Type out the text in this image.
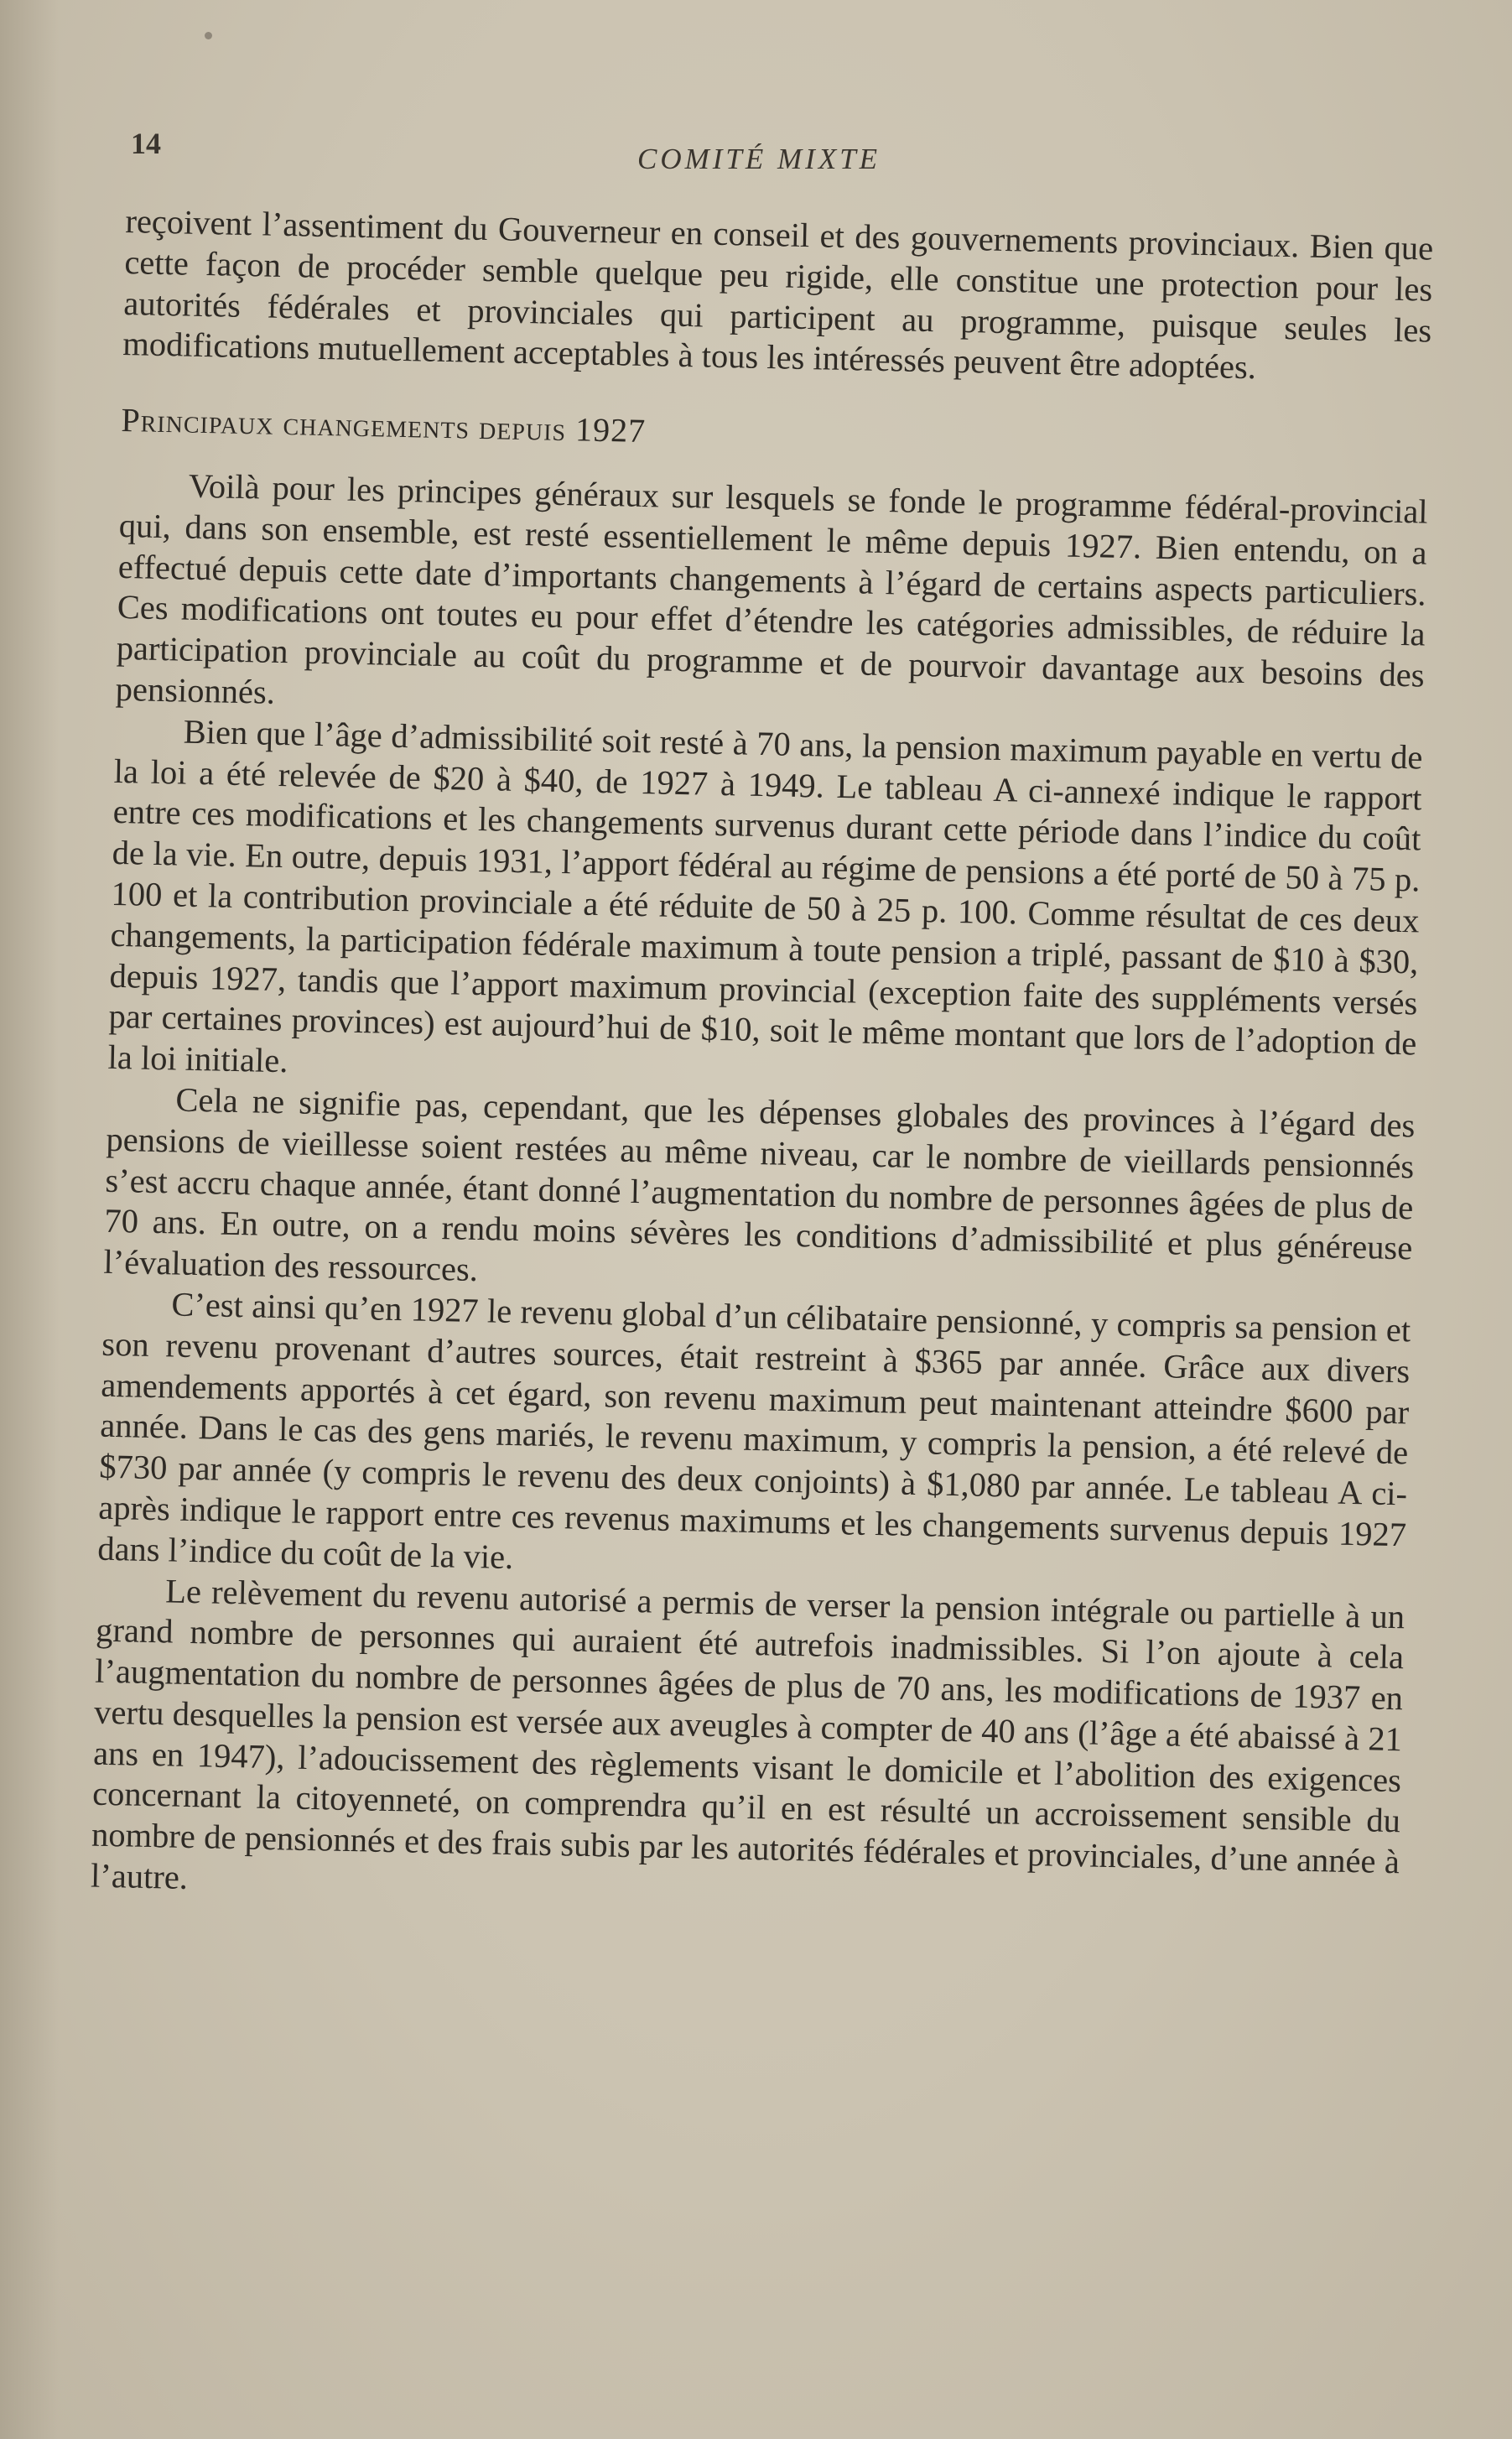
14	COMITÉ MIXTE

reçoivent l’assentiment du Gouverneur en conseil et des gouvernements provinciaux. Bien que cette façon de procéder semble quelque peu rigide, elle constitue une protection pour les autorités fédérales et provinciales qui participent au programme, puisque seules les modifications mutuellement acceptables à tous les intéressés peuvent être adoptées.

Principaux changements depuis 1927

Voilà pour les principes généraux sur lesquels se fonde le programme fédéral-provincial qui, dans son ensemble, est resté essentiellement le même depuis 1927. Bien entendu, on a effectué depuis cette date d’importants changements à l’égard de certains aspects particuliers. Ces modifications ont toutes eu pour effet d’étendre les catégories admissibles, de réduire la participation provinciale au coût du programme et de pourvoir davantage aux besoins des pensionnés.

Bien que l’âge d’admissibilité soit resté à 70 ans, la pension maximum payable en vertu de la loi a été relevée de $20 à $40, de 1927 à 1949. Le tableau A ci-annexé indique le rapport entre ces modifications et les changements survenus durant cette période dans l’indice du coût de la vie. En outre, depuis 1931, l’apport fédéral au régime de pensions a été porté de 50 à 75 p. 100 et la contribution provinciale a été réduite de 50 à 25 p. 100. Comme résultat de ces deux changements, la participation fédérale maximum à toute pension a triplé, passant de $10 à $30, depuis 1927, tandis que l’apport maximum provincial (exception faite des suppléments versés par certaines provinces) est aujourd’hui de $10, soit le même montant que lors de l’adoption de la loi initiale.

Cela ne signifie pas, cependant, que les dépenses globales des provinces à l’égard des pensions de vieillesse soient restées au même niveau, car le nombre de vieillards pensionnés s’est accru chaque année, étant donné l’augmentation du nombre de personnes âgées de plus de 70 ans. En outre, on a rendu moins sévères les conditions d’admissibilité et plus généreuse l’évaluation des ressources.

C’est ainsi qu’en 1927 le revenu global d’un célibataire pensionné, y compris sa pension et son revenu provenant d’autres sources, était restreint à $365 par année. Grâce aux divers amendements apportés à cet égard, son revenu maximum peut maintenant atteindre $600 par année. Dans le cas des gens mariés, le revenu maximum, y compris la pension, a été relevé de $730 par année (y compris le revenu des deux conjoints) à $1,080 par année. Le tableau A ci-après indique le rapport entre ces revenus maximums et les changements survenus depuis 1927 dans l’indice du coût de la vie.

Le relèvement du revenu autorisé a permis de verser la pension intégrale ou partielle à un grand nombre de personnes qui auraient été autrefois inadmissibles. Si l’on ajoute à cela l’augmentation du nombre de personnes âgées de plus de 70 ans, les modifications de 1937 en vertu desquelles la pension est versée aux aveugles à compter de 40 ans (l’âge a été abaissé à 21 ans en 1947), l’adoucissement des règlements visant le domicile et l’abolition des exigences concernant la citoyenneté, on comprendra qu’il en est résulté un accroissement sensible du nombre de pensionnés et des frais subis par les autorités fédérales et provinciales, d’une année à l’autre.
